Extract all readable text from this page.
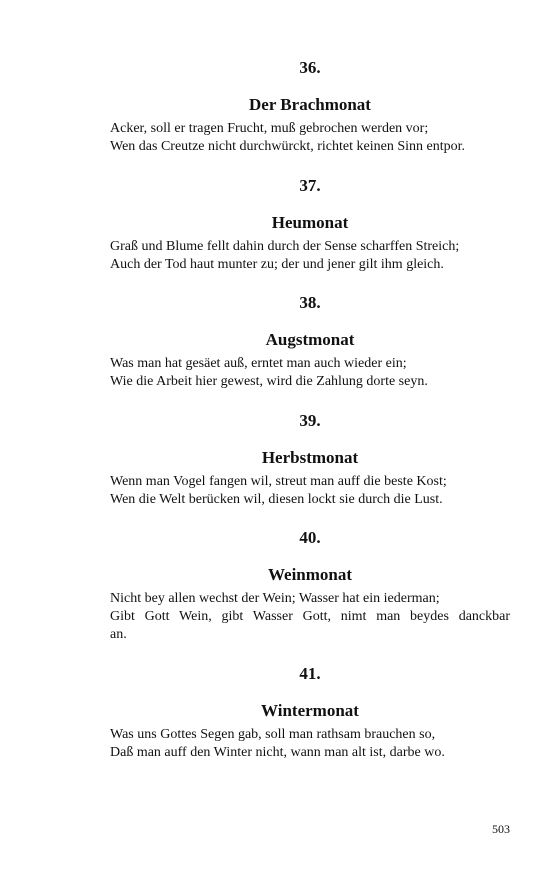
36.

Der Brachmonat

Acker, soll er tragen Frucht, muß gebrochen werden vor;
Wen das Creutze nicht durchwürckt, richtet keinen Sinn entpor.

37.

Heumonat

Graß und Blume fellt dahin durch der Sense scharffen Streich;
Auch der Tod haut munter zu; der und jener gilt ihm gleich.

38.

Augstmonat

Was man hat gesäet auß, erntet man auch wieder ein;
Wie die Arbeit hier gewest, wird die Zahlung dorte seyn.

39.

Herbstmonat

Wenn man Vogel fangen wil, streut man auff die beste Kost;
Wen die Welt berücken wil, diesen lockt sie durch die Lust.

40.

Weinmonat

Nicht bey allen wechst der Wein; Wasser hat ein iederman;
Gibt Gott Wein, gibt Wasser Gott, nimt man beydes danckbar
an.

41.

Wintermonat

Was uns Gottes Segen gab, soll man rathsam brauchen so,
Daß man auff den Winter nicht, wann man alt ist, darbe wo.

503
